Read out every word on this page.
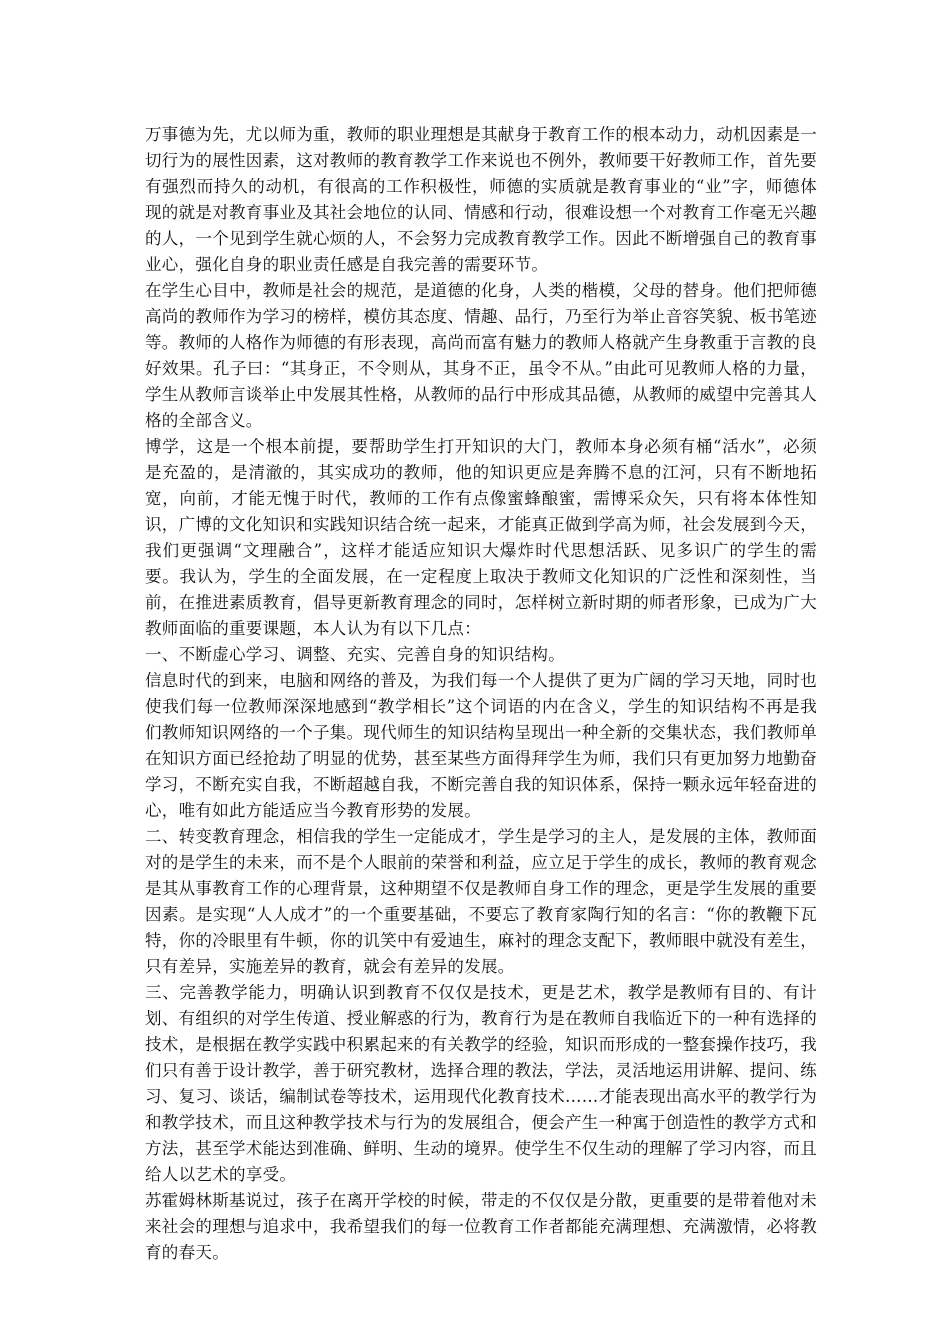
万事德为先，尤以师为重，教师的职业理想是其献身于教育工作的根本动力，动机因素是一切行为的展性因素，这对教师的教育教学工作来说也不例外，教师要干好教师工作，首先要有强烈而持久的动机，有很高的工作积极性，师德的实质就是教育事业的“业”字，师德体现的就是对教育事业及其社会地位的认同、情感和行动，很难设想一个对教育工作毫无兴趣的人，一个见到学生就心烦的人，不会努力完成教育教学工作。因此不断增强自己的教育事业心，强化自身的职业责任感是自我完善的需要环节。

在学生心目中，教师是社会的规范，是道德的化身，人类的楷模，父母的替身。他们把师德高尚的教师作为学习的榜样，模仿其态度、情趣、品行，乃至行为举止音容笑貌、板书笔迹等。教师的人格作为师德的有形表现，高尚而富有魅力的教师人格就产生身教重于言教的良好效果。孔子曰：“其身正，不令则从，其身不正，虽令不从。”由此可见教师人格的力量，学生从教师言谈举止中发展其性格，从教师的品行中形成其品德，从教师的威望中完善其人格的全部含义。

博学，这是一个根本前提，要帮助学生打开知识的大门，教师本身必须有桶“活水”，必须是充盈的，是清澈的，其实成功的教师，他的知识更应是奔腾不息的江河，只有不断地拓宽，向前，才能无愧于时代，教师的工作有点像蜜蜂酿蜜，需博采众矢，只有将本体性知识，广博的文化知识和实践知识结合统一起来，才能真正做到学高为师，社会发展到今天，我们更强调“文理融合”，这样才能适应知识大爆炸时代思想活跃、见多识广的学生的需要。我认为，学生的全面发展，在一定程度上取决于教师文化知识的广泛性和深刻性，当前，在推进素质教育，倡导更新教育理念的同时，怎样树立新时期的师者形象，已成为广大教师面临的重要课题，本人认为有以下几点：

一、不断虚心学习、调整、充实、完善自身的知识结构。

信息时代的到来，电脑和网络的普及，为我们每一个人提供了更为广阔的学习天地，同时也使我们每一位教师深深地感到“教学相长”这个词语的内在含义，学生的知识结构不再是我们教师知识网络的一个子集。现代师生的知识结构呈现出一种全新的交集状态，我们教师单在知识方面已经抢劫了明显的优势，甚至某些方面得拜学生为师，我们只有更加努力地勤奋学习，不断充实自我，不断超越自我，不断完善自我的知识体系，保持一颗永远年轻奋进的心，唯有如此方能适应当今教育形势的发展。

二、转变教育理念，相信我的学生一定能成才，学生是学习的主人，是发展的主体，教师面对的是学生的未来，而不是个人眼前的荣誉和利益，应立足于学生的成长，教师的教育观念是其从事教育工作的心理背景，这种期望不仅是教师自身工作的理念，更是学生发展的重要因素。是实现“人人成才”的一个重要基础，不要忘了教育家陶行知的名言：“你的教鞭下瓦特，你的冷眼里有牛顿，你的讥笑中有爱迪生，麻衬的理念支配下，教师眼中就没有差生，只有差异，实施差异的教育，就会有差异的发展。

三、完善教学能力，明确认识到教育不仅仅是技术，更是艺术，教学是教师有目的、有计划、有组织的对学生传道、授业解惑的行为，教育行为是在教师自我临近下的一种有选择的技术，是根据在教学实践中积累起来的有关教学的经验，知识而形成的一整套操作技巧，我们只有善于设计教学，善于研究教材，选择合理的教法，学法，灵活地运用讲解、提问、练习、复习、谈话，编制试卷等技术，运用现代化教育技术……才能表现出高水平的教学行为和教学技术，而且这种教学技术与行为的发展组合，便会产生一种寓于创造性的教学方式和方法，甚至学术能达到准确、鲜明、生动的境界。使学生不仅生动的理解了学习内容，而且给人以艺术的享受。

苏霍姆林斯基说过，孩子在离开学校的时候，带走的不仅仅是分散，更重要的是带着他对未来社会的理想与追求中，我希望我们的每一位教育工作者都能充满理想、充满激情，必将教育的春天。
